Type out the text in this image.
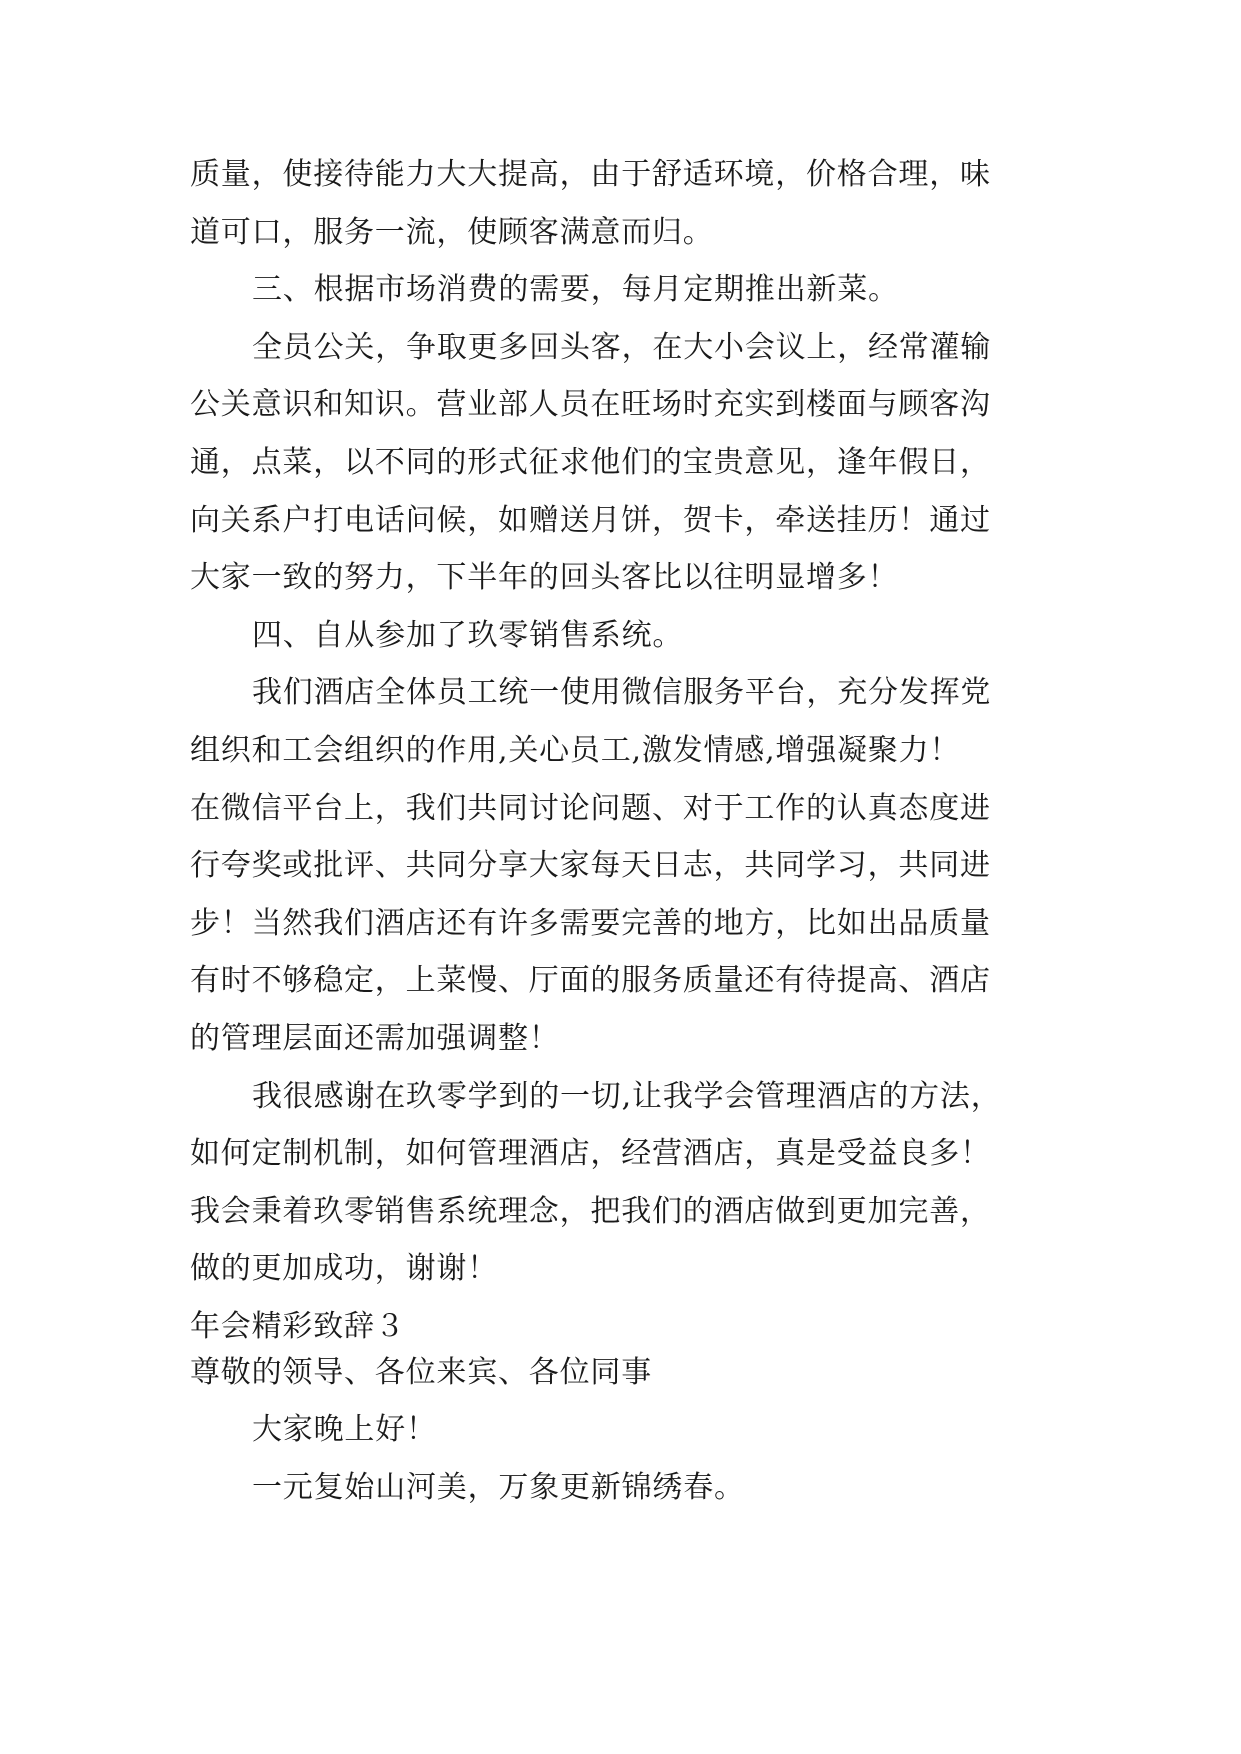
质量，使接待能力大大提高，由于舒适环境，价格合理，味
道可口，服务一流，使顾客满意而归。
三、根据市场消费的需要，每月定期推出新菜。
全员公关，争取更多回头客，在大小会议上，经常灌输
公关意识和知识。营业部人员在旺场时充实到楼面与顾客沟
通，点菜，以不同的形式征求他们的宝贵意见，逢年假日，
向关系户打电话问候，如赠送月饼，贺卡，牵送挂历！通过
大家一致的努力，下半年的回头客比以往明显增多！
四、自从参加了玖零销售系统。
我们酒店全体员工统一使用微信服务平台，充分发挥党
组织和工会组织的作用,关心员工,激发情感,增强凝聚力！
在微信平台上，我们共同讨论问题、对于工作的认真态度进
行夸奖或批评、共同分享大家每天日志，共同学习，共同进
步！当然我们酒店还有许多需要完善的地方，比如出品质量
有时不够稳定，上菜慢、厅面的服务质量还有待提高、酒店
的管理层面还需加强调整！
我很感谢在玖零学到的一切,让我学会管理酒店的方法，
如何定制机制，如何管理酒店，经营酒店，真是受益良多！
我会秉着玖零销售系统理念，把我们的酒店做到更加完善，
做的更加成功，谢谢！
年会精彩致辞３
尊敬的领导、各位来宾、各位同事
大家晚上好！
一元复始山河美，万象更新锦绣春。
